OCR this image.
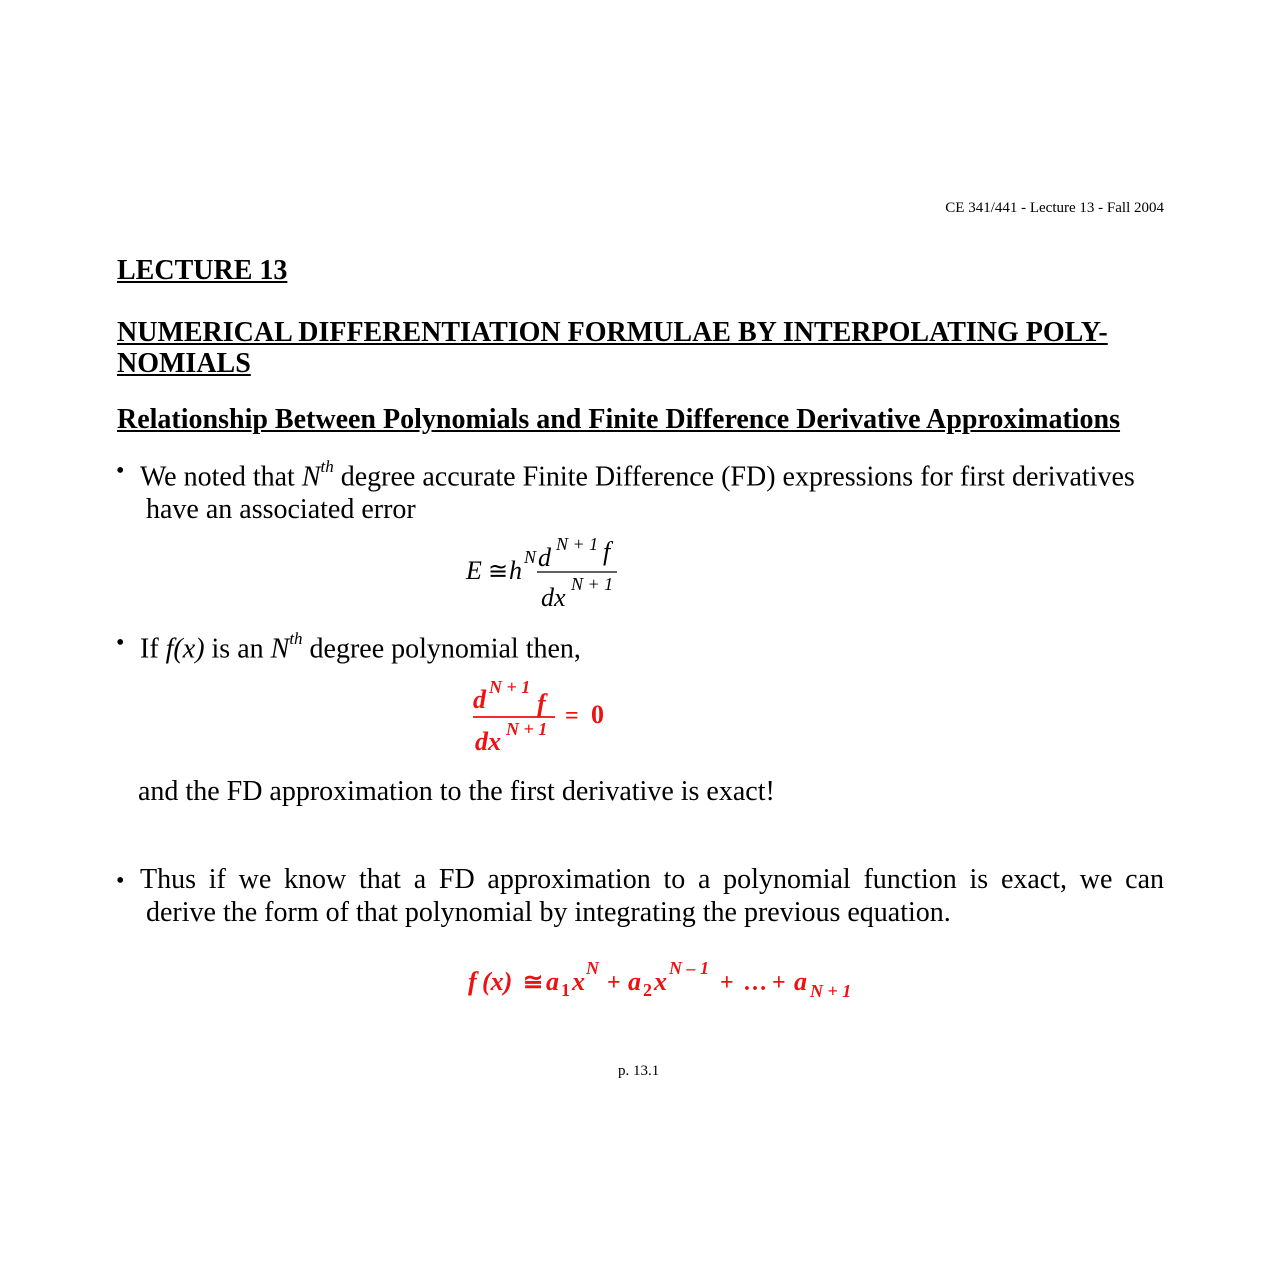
CE 341/441 - Lecture 13 - Fall 2004
LECTURE 13
NUMERICAL DIFFERENTIATION FORMULAE BY INTERPOLATING POLY-
NOMIALS
Relationship Between Polynomials and Finite Difference Derivative Approximations
• We noted that $N^{th}$ degree accurate Finite Difference (FD) expressions for first derivatives
have an associated error
E ≅ h N d N + 1 f
dx N + 1
• If f(x) is an $N^{th}$ degree polynomial then,
d N + 1
f
dx N + 1 = 0
and the FD approximation to the first derivative is exact!
• Thus if we know that a FD approximation to a polynomial function is exact, we can
derive the form of that polynomial by integrating the previous equation.
f (x) ≅ a 1 x N
+ a 2 x N – 1
+ … + a N + 1
p. 13.1
